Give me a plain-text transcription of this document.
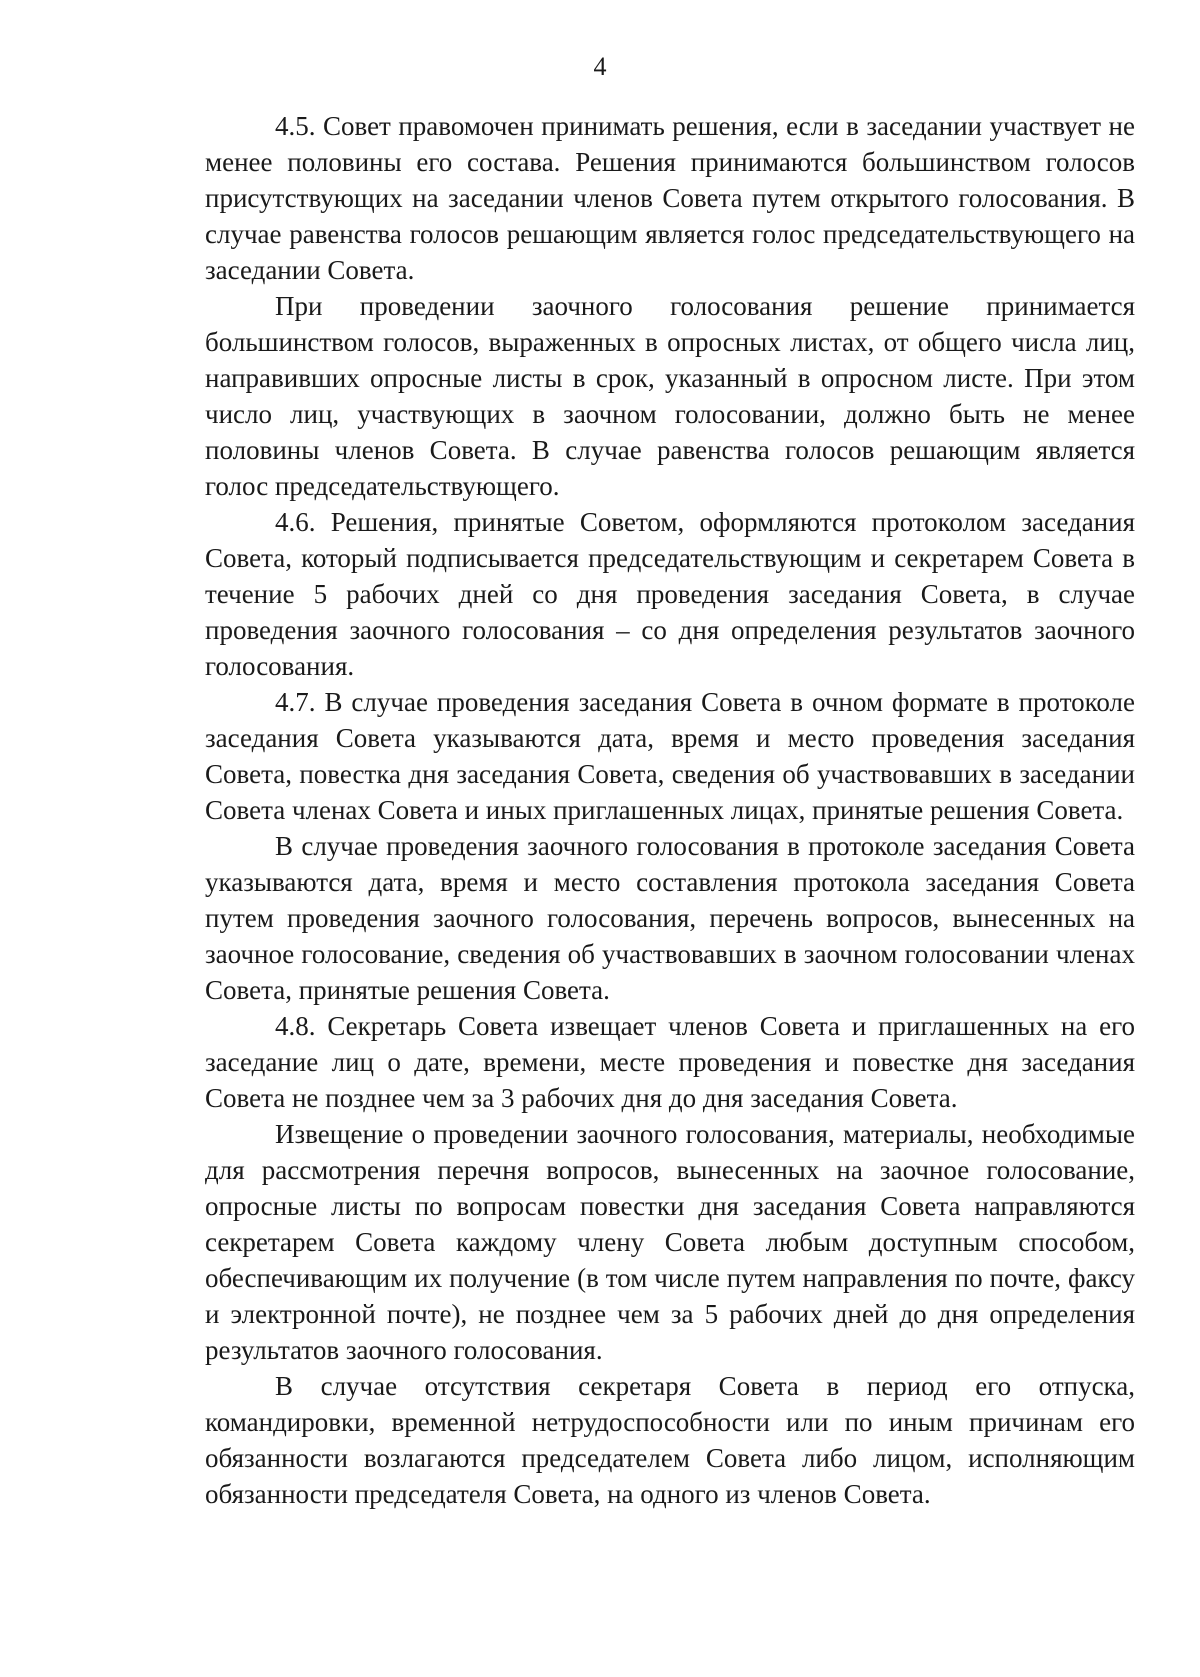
4

4.5. Совет правомочен принимать решения, если в заседании участвует не менее половины его состава. Решения принимаются большинством голосов присутствующих на заседании членов Совета путем открытого голосования. В случае равенства голосов решающим является голос председательствующего на заседании Совета.

При проведении заочного голосования решение принимается большинством голосов, выраженных в опросных листах, от общего числа лиц, направивших опросные листы в срок, указанный в опросном листе. При этом число лиц, участвующих в заочном голосовании, должно быть не менее половины членов Совета. В случае равенства голосов решающим является голос председательствующего.

4.6. Решения, принятые Советом, оформляются протоколом заседания Совета, который подписывается председательствующим и секретарем Совета в течение 5 рабочих дней со дня проведения заседания Совета, в случае проведения заочного голосования – со дня определения результатов заочного голосования.

4.7. В случае проведения заседания Совета в очном формате в протоколе заседания Совета указываются дата, время и место проведения заседания Совета, повестка дня заседания Совета, сведения об участвовавших в заседании Совета членах Совета и иных приглашенных лицах, принятые решения Совета.

В случае проведения заочного голосования в протоколе заседания Совета указываются дата, время и место составления протокола заседания Совета путем проведения заочного голосования, перечень вопросов, вынесенных на заочное голосование, сведения об участвовавших в заочном голосовании членах Совета, принятые решения Совета.

4.8. Секретарь Совета извещает членов Совета и приглашенных на его заседание лиц о дате, времени, месте проведения и повестке дня заседания Совета не позднее чем за 3 рабочих дня до дня заседания Совета.

Извещение о проведении заочного голосования, материалы, необходимые для рассмотрения перечня вопросов, вынесенных на заочное голосование, опросные листы по вопросам повестки дня заседания Совета направляются секретарем Совета каждому члену Совета любым доступным способом, обеспечивающим их получение (в том числе путем направления по почте, факсу и электронной почте), не позднее чем за 5 рабочих дней до дня определения результатов заочного голосования.

В случае отсутствия секретаря Совета в период его отпуска, командировки, временной нетрудоспособности или по иным причинам его обязанности возлагаются председателем Совета либо лицом, исполняющим обязанности председателя Совета, на одного из членов Совета.
